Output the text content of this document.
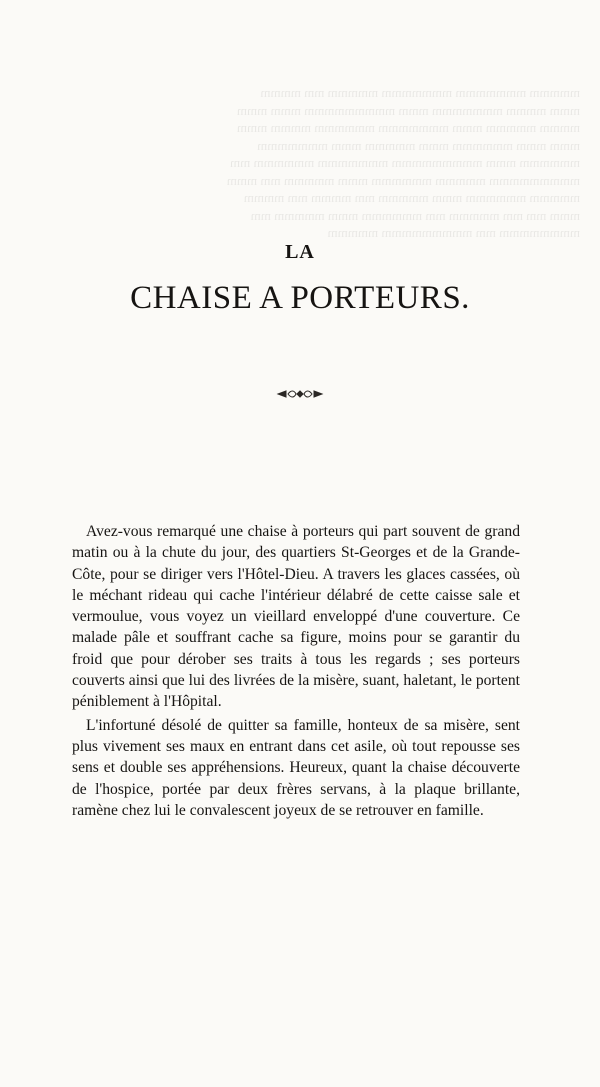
mmmmm mmmmmmm mmmmmmm mmmmm mm mmmm
mmm mmmm mmmmmmm mmm mmmmmmmmm mmm mmm
mmmm mmmmm mmm mmmmmmm mmmmmm mmmm mmm
mmm mmm mmmmmm mmm mmmmm mmm mmmmmmm
mmmmmm mmm mmmmmmmmm mmmmmmm mmmmmm mm
mmmmmmmmm mmmmm mmmmmm mmm mmmmm mm mmm
mmmmm mmmmmm mmm mmmmm mm mmmm mm mmmm
mmm mm mm mmmmm mm mmmmmm mmm mmmmm mm
mmmmmmmm mm mmmmmmmmm mmmmm
LA
CHAISE A PORTEURS.

Avez-vous remarqué une chaise à porteurs qui part souvent de grand matin ou à la chute du jour, des quartiers St-Georges et de la Grande-Côte, pour se diriger vers l'Hôtel-Dieu. A travers les glaces cassées, où le méchant rideau qui cache l'intérieur délabré de cette caisse sale et vermoulue, vous voyez un vieillard enveloppé d'une couverture. Ce malade pâle et souffrant cache sa figure, moins pour se garantir du froid que pour dérober ses traits à tous les regards ; ses porteurs couverts ainsi que lui des livrées de la misère, suant, haletant, le portent péniblement à l'Hôpital.

L'infortuné désolé de quitter sa famille, honteux de sa misère, sent plus vivement ses maux en entrant dans cet asile, où tout repousse ses sens et double ses appréhensions. Heureux, quant la chaise découverte de l'hospice, portée par deux frères servans, à la plaque brillante, ramène chez lui le convalescent joyeux de se retrouver en famille.
